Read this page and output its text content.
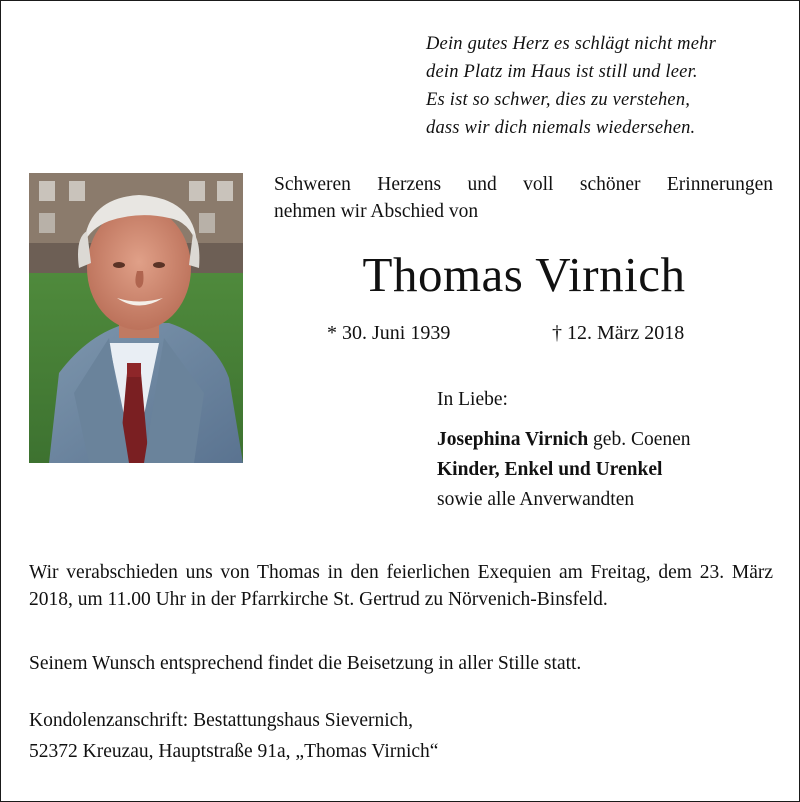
Dein gutes Herz es schlägt nicht mehr
dein Platz im Haus ist still und leer.
Es ist so schwer, dies zu verstehen,
dass wir dich niemals wiedersehen.
Schweren Herzens und voll schöner Erinnerungen
nehmen wir Abschied von
Thomas Virnich
* 30. Juni 1939	† 12. März 2018
In Liebe:
Josephina Virnich geb. Coenen
Kinder, Enkel und Urenkel
sowie alle Anverwandten
Wir verabschieden uns von Thomas in den feierlichen Exequien am Freitag, dem 23. März 2018, um 11.00 Uhr in der Pfarrkirche St. Gertrud zu Nörvenich-Binsfeld.
Seinem Wunsch entsprechend findet die Beisetzung in aller Stille statt.
Kondolenzanschrift: Bestattungshaus Sievernich,
52372 Kreuzau, Hauptstraße 91a, „Thomas Virnich“
